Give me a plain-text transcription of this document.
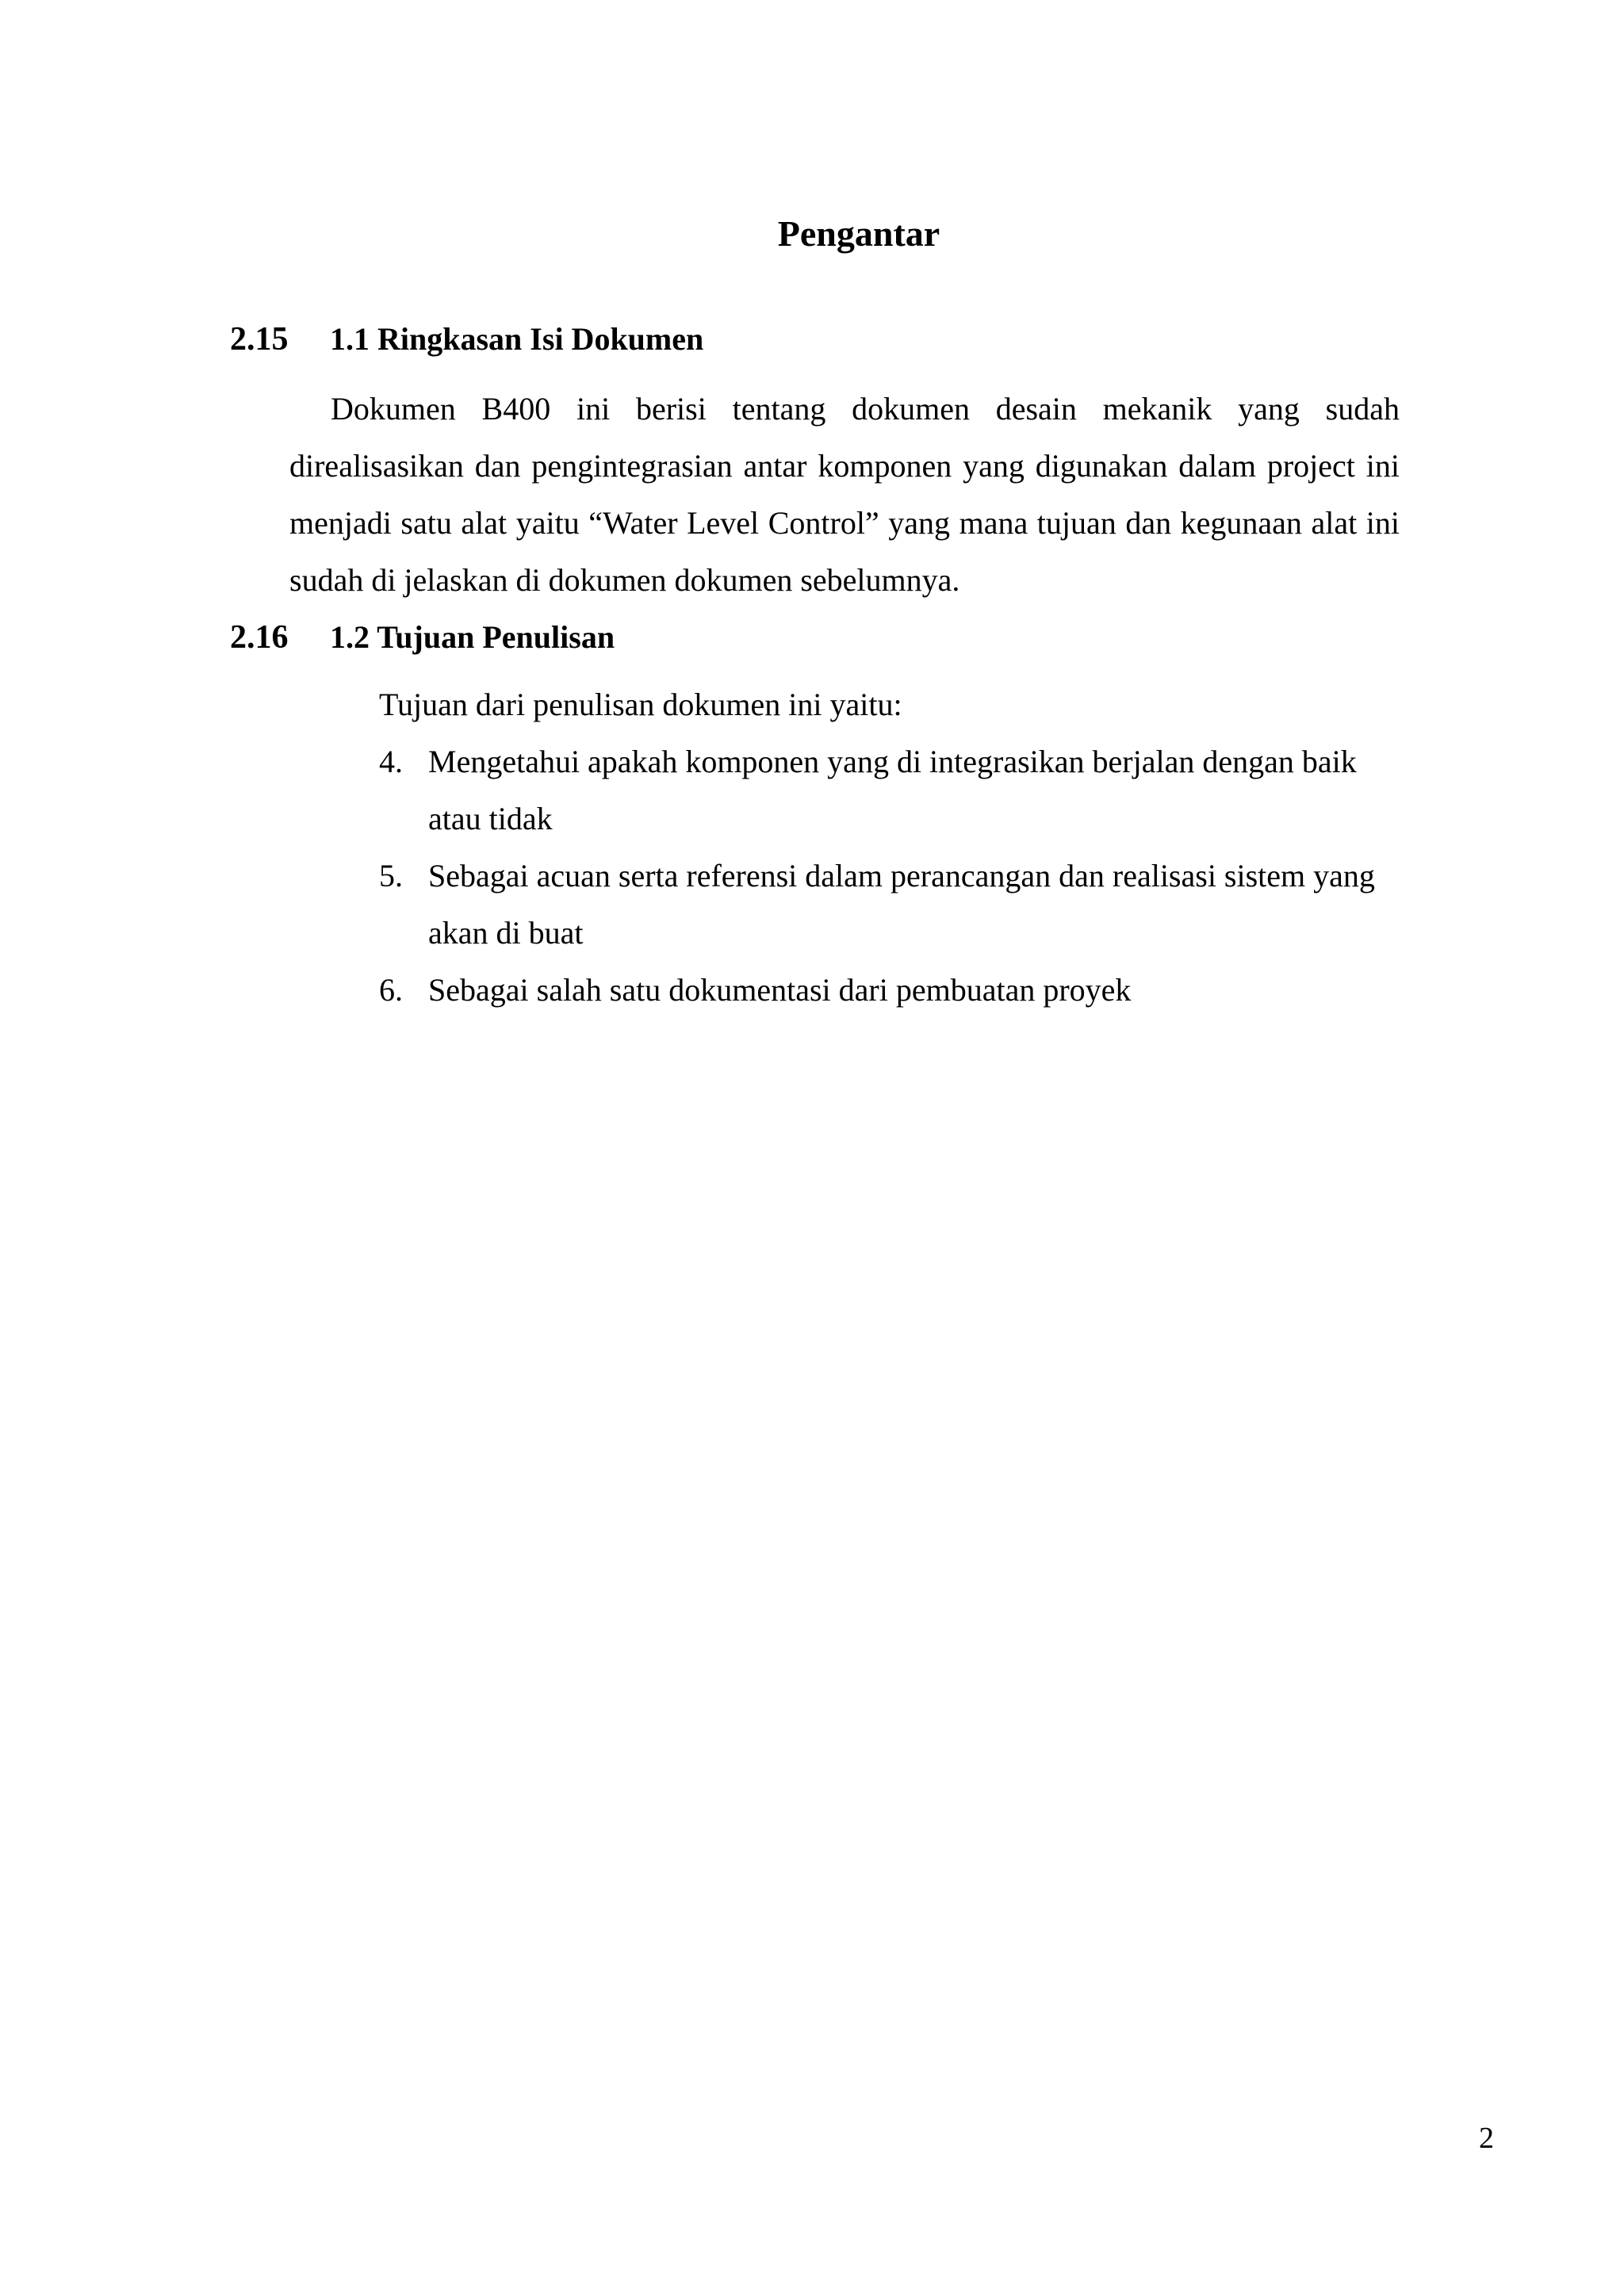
Pengantar
2.15 1.1 Ringkasan Isi Dokumen

Dokumen B400 ini berisi tentang dokumen desain mekanik yang sudah direalisasikan dan pengintegrasian antar komponen yang digunakan dalam project ini menjadi satu alat yaitu “Water Level Control” yang mana tujuan dan kegunaan alat ini sudah di jelaskan di dokumen dokumen sebelumnya.

2.16 1.2 Tujuan Penulisan

Tujuan dari penulisan dokumen ini yaitu:

4. Mengetahui apakah komponen yang di integrasikan berjalan dengan baik atau tidak
5. Sebagai acuan serta referensi dalam perancangan dan realisasi sistem yang akan di buat
6. Sebagai salah satu dokumentasi dari pembuatan proyek
2
